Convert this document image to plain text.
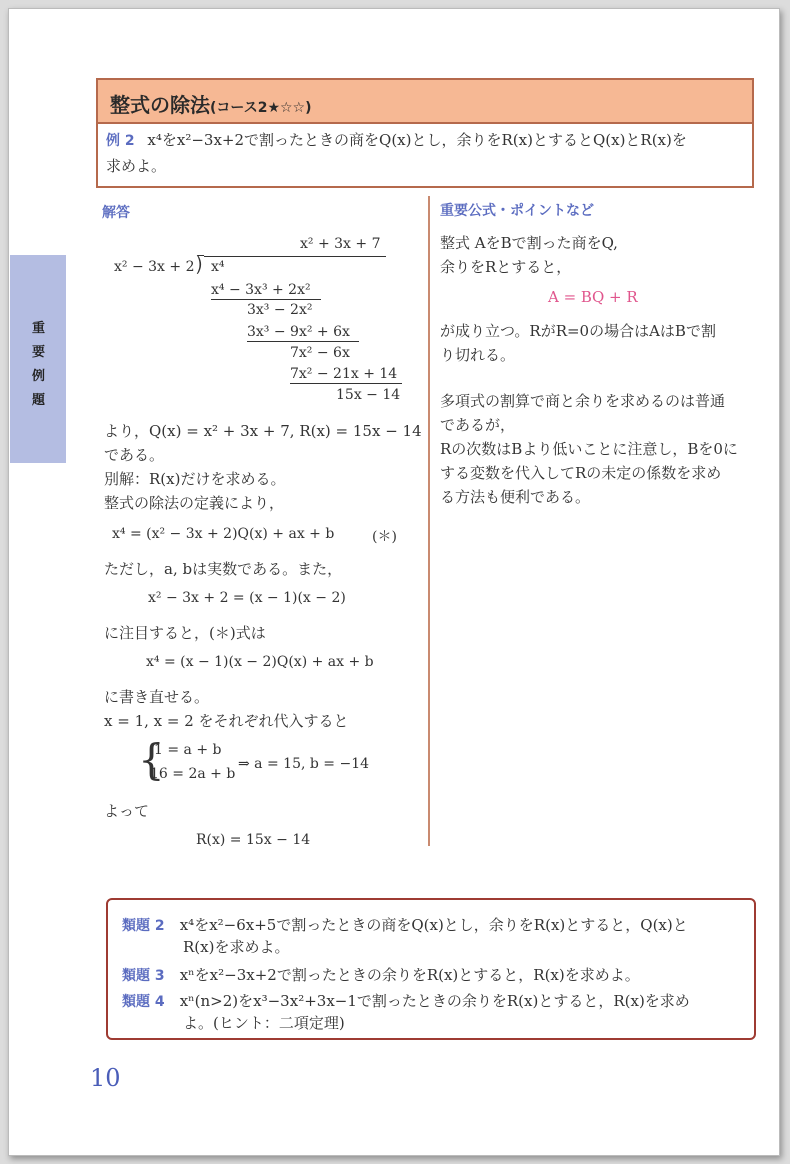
整式の除法(コース2★☆☆)
例 2 x⁴をx²−3x+2で割ったときの商をQ(x)とし，余りをR(x)とするとQ(x)とR(x)を
求めよ。
重
要
例
題
解答
x² + 3x + 7
x² − 3x + 2 ⟌ x⁴
x⁴ − 3x³ + 2x²
3x³ − 2x²
3x³ − 9x² + 6x
7x² − 6x
7x² − 21x + 14
15x − 14
より，Q(x) = x² + 3x + 7, R(x) = 15x − 14
である。
別解：R(x)だけを求める。
整式の除法の定義により，
x⁴ = (x² − 3x + 2)Q(x) + ax + b	(＊)
ただし，a, bは実数である。また，
x² − 3x + 2 = (x − 1)(x − 2)
に注目すると，(＊)式は
x⁴ = (x − 1)(x − 2)Q(x) + ax + b
に書き直せる。
x = 1, x = 2 をそれぞれ代入すると
{
1 = a + b
16 = 2a + b
⇒ a = 15, b = −14
よって
R(x) = 15x − 14
重要公式・ポイントなど
整式 AをBで割った商をQ,
余りをRとすると，
A = BQ + R
が成り立つ。RがR=0の場合はAはBで割
り切れる。
多項式の割算で商と余りを求めるのは普通
であるが，
Rの次数はBより低いことに注意し，Bを0に
する変数を代入してRの未定の係数を求め
る方法も便利である。
類題 2 x⁴をx²−6x+5で割ったときの商をQ(x)とし，余りをR(x)とすると，Q(x)と
R(x)を求めよ。
類題 3 xⁿをx²−3x+2で割ったときの余りをR(x)とすると，R(x)を求めよ。
類題 4 xⁿ(n>2)をx³−3x²+3x−1で割ったときの余りをR(x)とすると，R(x)を求め
よ。(ヒント：二項定理)
10
